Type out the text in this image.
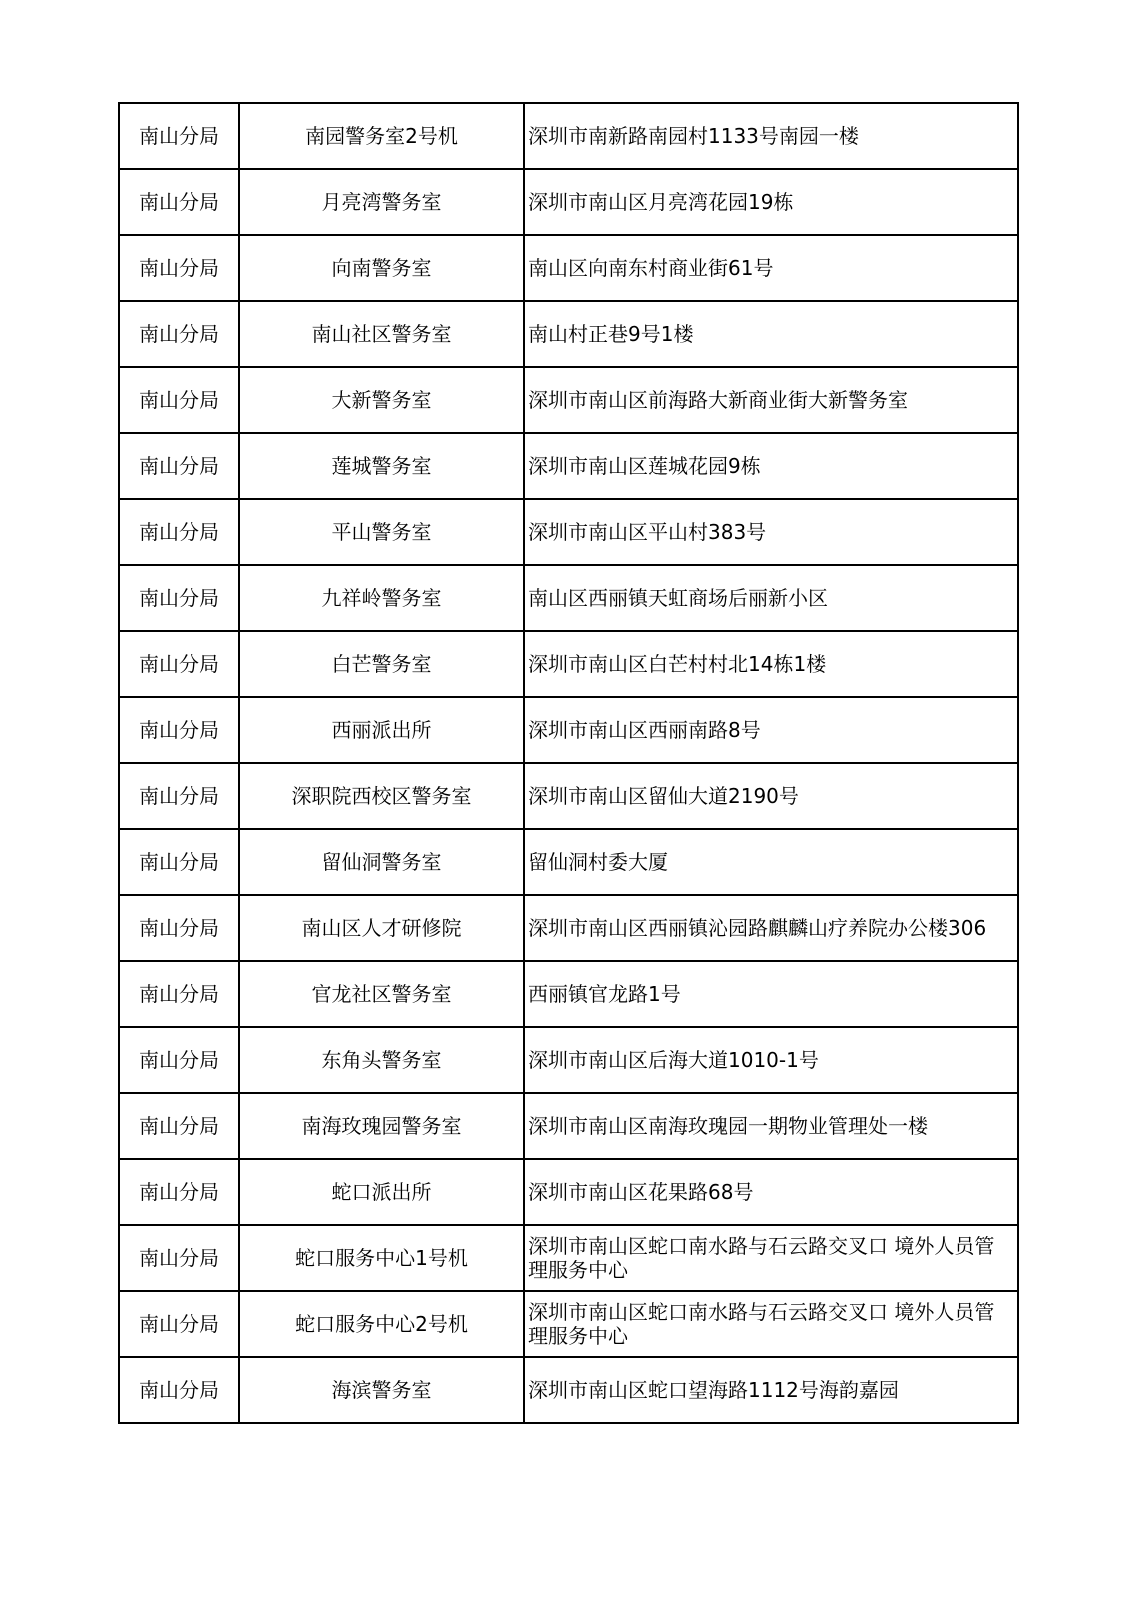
南山分局	南园警务室2号机	深圳市南新路南园村1133号南园一楼
南山分局	月亮湾警务室	深圳市南山区月亮湾花园19栋
南山分局	向南警务室	南山区向南东村商业街61号
南山分局	南山社区警务室	南山村正巷9号1楼
南山分局	大新警务室	深圳市南山区前海路大新商业街大新警务室
南山分局	莲城警务室	深圳市南山区莲城花园9栋
南山分局	平山警务室	深圳市南山区平山村383号
南山分局	九祥岭警务室	南山区西丽镇天虹商场后丽新小区
南山分局	白芒警务室	深圳市南山区白芒村村北14栋1楼
南山分局	西丽派出所	深圳市南山区西丽南路8号
南山分局	深职院西校区警务室	深圳市南山区留仙大道2190号
南山分局	留仙洞警务室	留仙洞村委大厦
南山分局	南山区人才研修院	深圳市南山区西丽镇沁园路麒麟山疗养院办公楼306
南山分局	官龙社区警务室	西丽镇官龙路1号
南山分局	东角头警务室	深圳市南山区后海大道1010-1号
南山分局	南海玫瑰园警务室	深圳市南山区南海玫瑰园一期物业管理处一楼
南山分局	蛇口派出所	深圳市南山区花果路68号
南山分局	蛇口服务中心1号机	深圳市南山区蛇口南水路与石云路交叉口 境外人员管理服务中心
南山分局	蛇口服务中心2号机	深圳市南山区蛇口南水路与石云路交叉口 境外人员管理服务中心
南山分局	海滨警务室	深圳市南山区蛇口望海路1112号海韵嘉园
